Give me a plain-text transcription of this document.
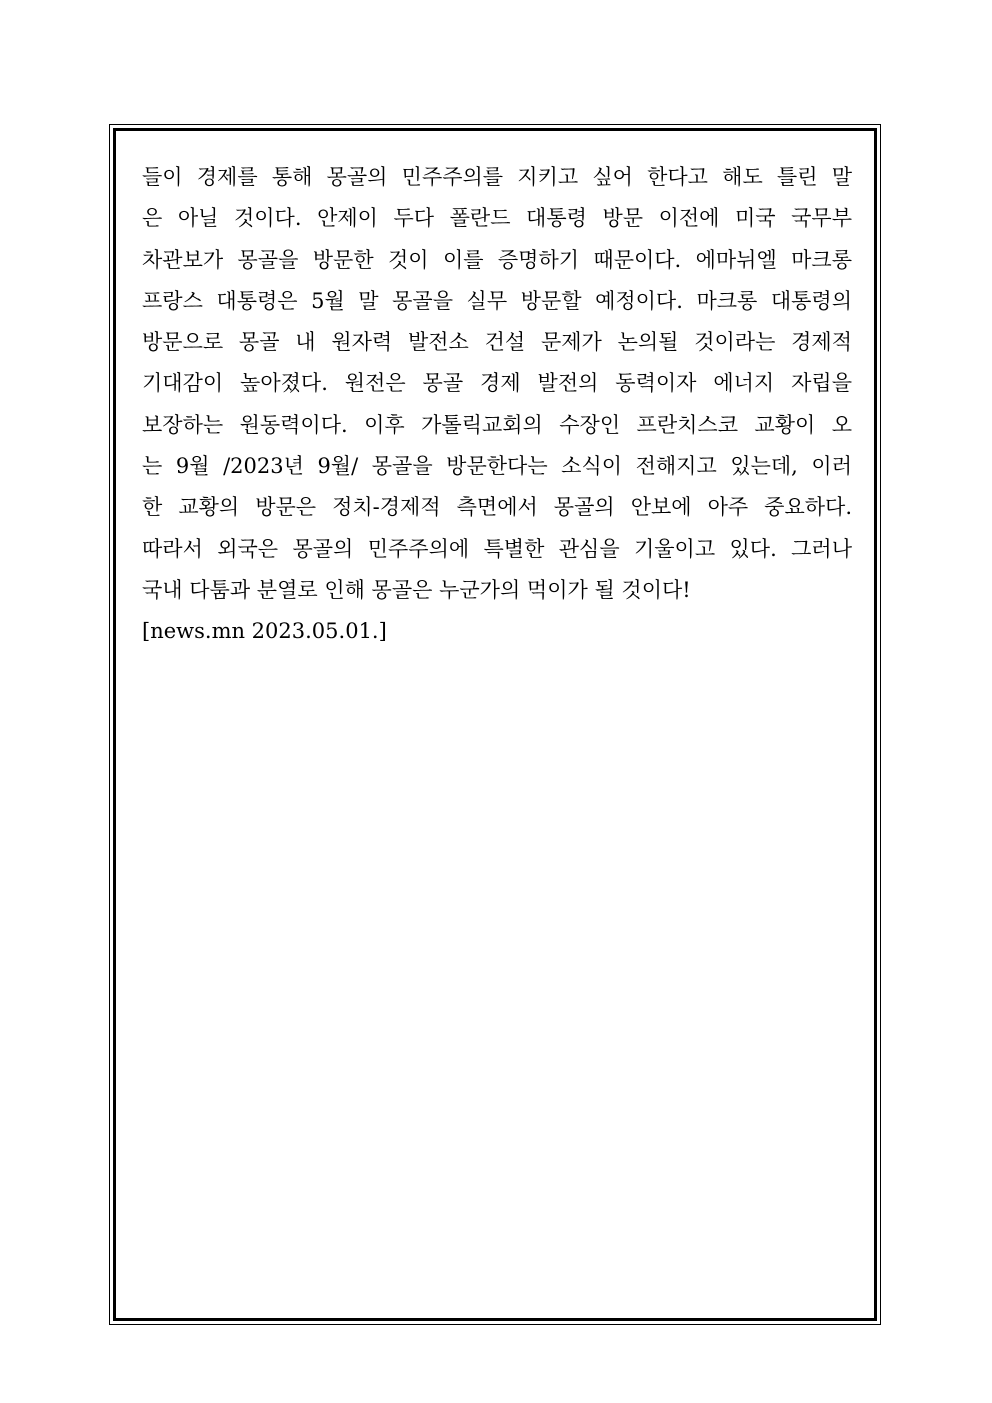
들이 경제를 통해 몽골의 민주주의를 지키고 싶어 한다고 해도 틀린 말
은 아닐 것이다. 안제이 두다 폴란드 대통령 방문 이전에 미국 국무부
차관보가 몽골을 방문한 것이 이를 증명하기 때문이다. 에마뉘엘 마크롱
프랑스 대통령은 5월 말 몽골을 실무 방문할 예정이다. 마크롱 대통령의
방문으로 몽골 내 원자력 발전소 건설 문제가 논의될 것이라는 경제적
기대감이 높아졌다. 원전은 몽골 경제 발전의 동력이자 에너지 자립을
보장하는 원동력이다. 이후 가톨릭교회의 수장인 프란치스코 교황이 오
는 9월 /2023년 9월/ 몽골을 방문한다는 소식이 전해지고 있는데, 이러
한 교황의 방문은 정치-경제적 측면에서 몽골의 안보에 아주 중요하다.
따라서 외국은 몽골의 민주주의에 특별한 관심을 기울이고 있다. 그러나
국내 다툼과 분열로 인해 몽골은 누군가의 먹이가 될 것이다!
[news.mn 2023.05.01.]
